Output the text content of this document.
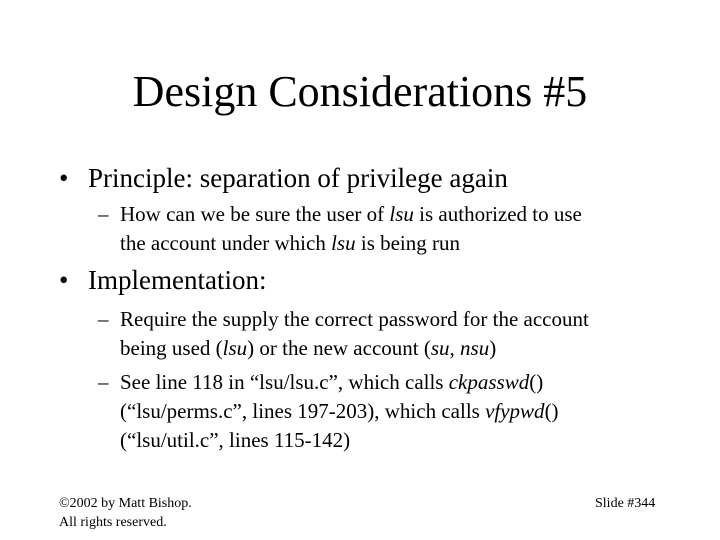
Design Considerations #5
• Principle: separation of privilege again
– How can we be sure the user of lsu is authorized to use
the account under which lsu is being run
• Implementation:
– Require the supply the correct password for the account
being used (lsu) or the new account (su, nsu)
– See line 118 in “lsu/lsu.c”, which calls ckpasswd()
(“lsu/perms.c”, lines 197-203), which calls vfypwd()
(“lsu/util.c”, lines 115-142)
©2002 by Matt Bishop.
All rights reserved.
Slide #344
